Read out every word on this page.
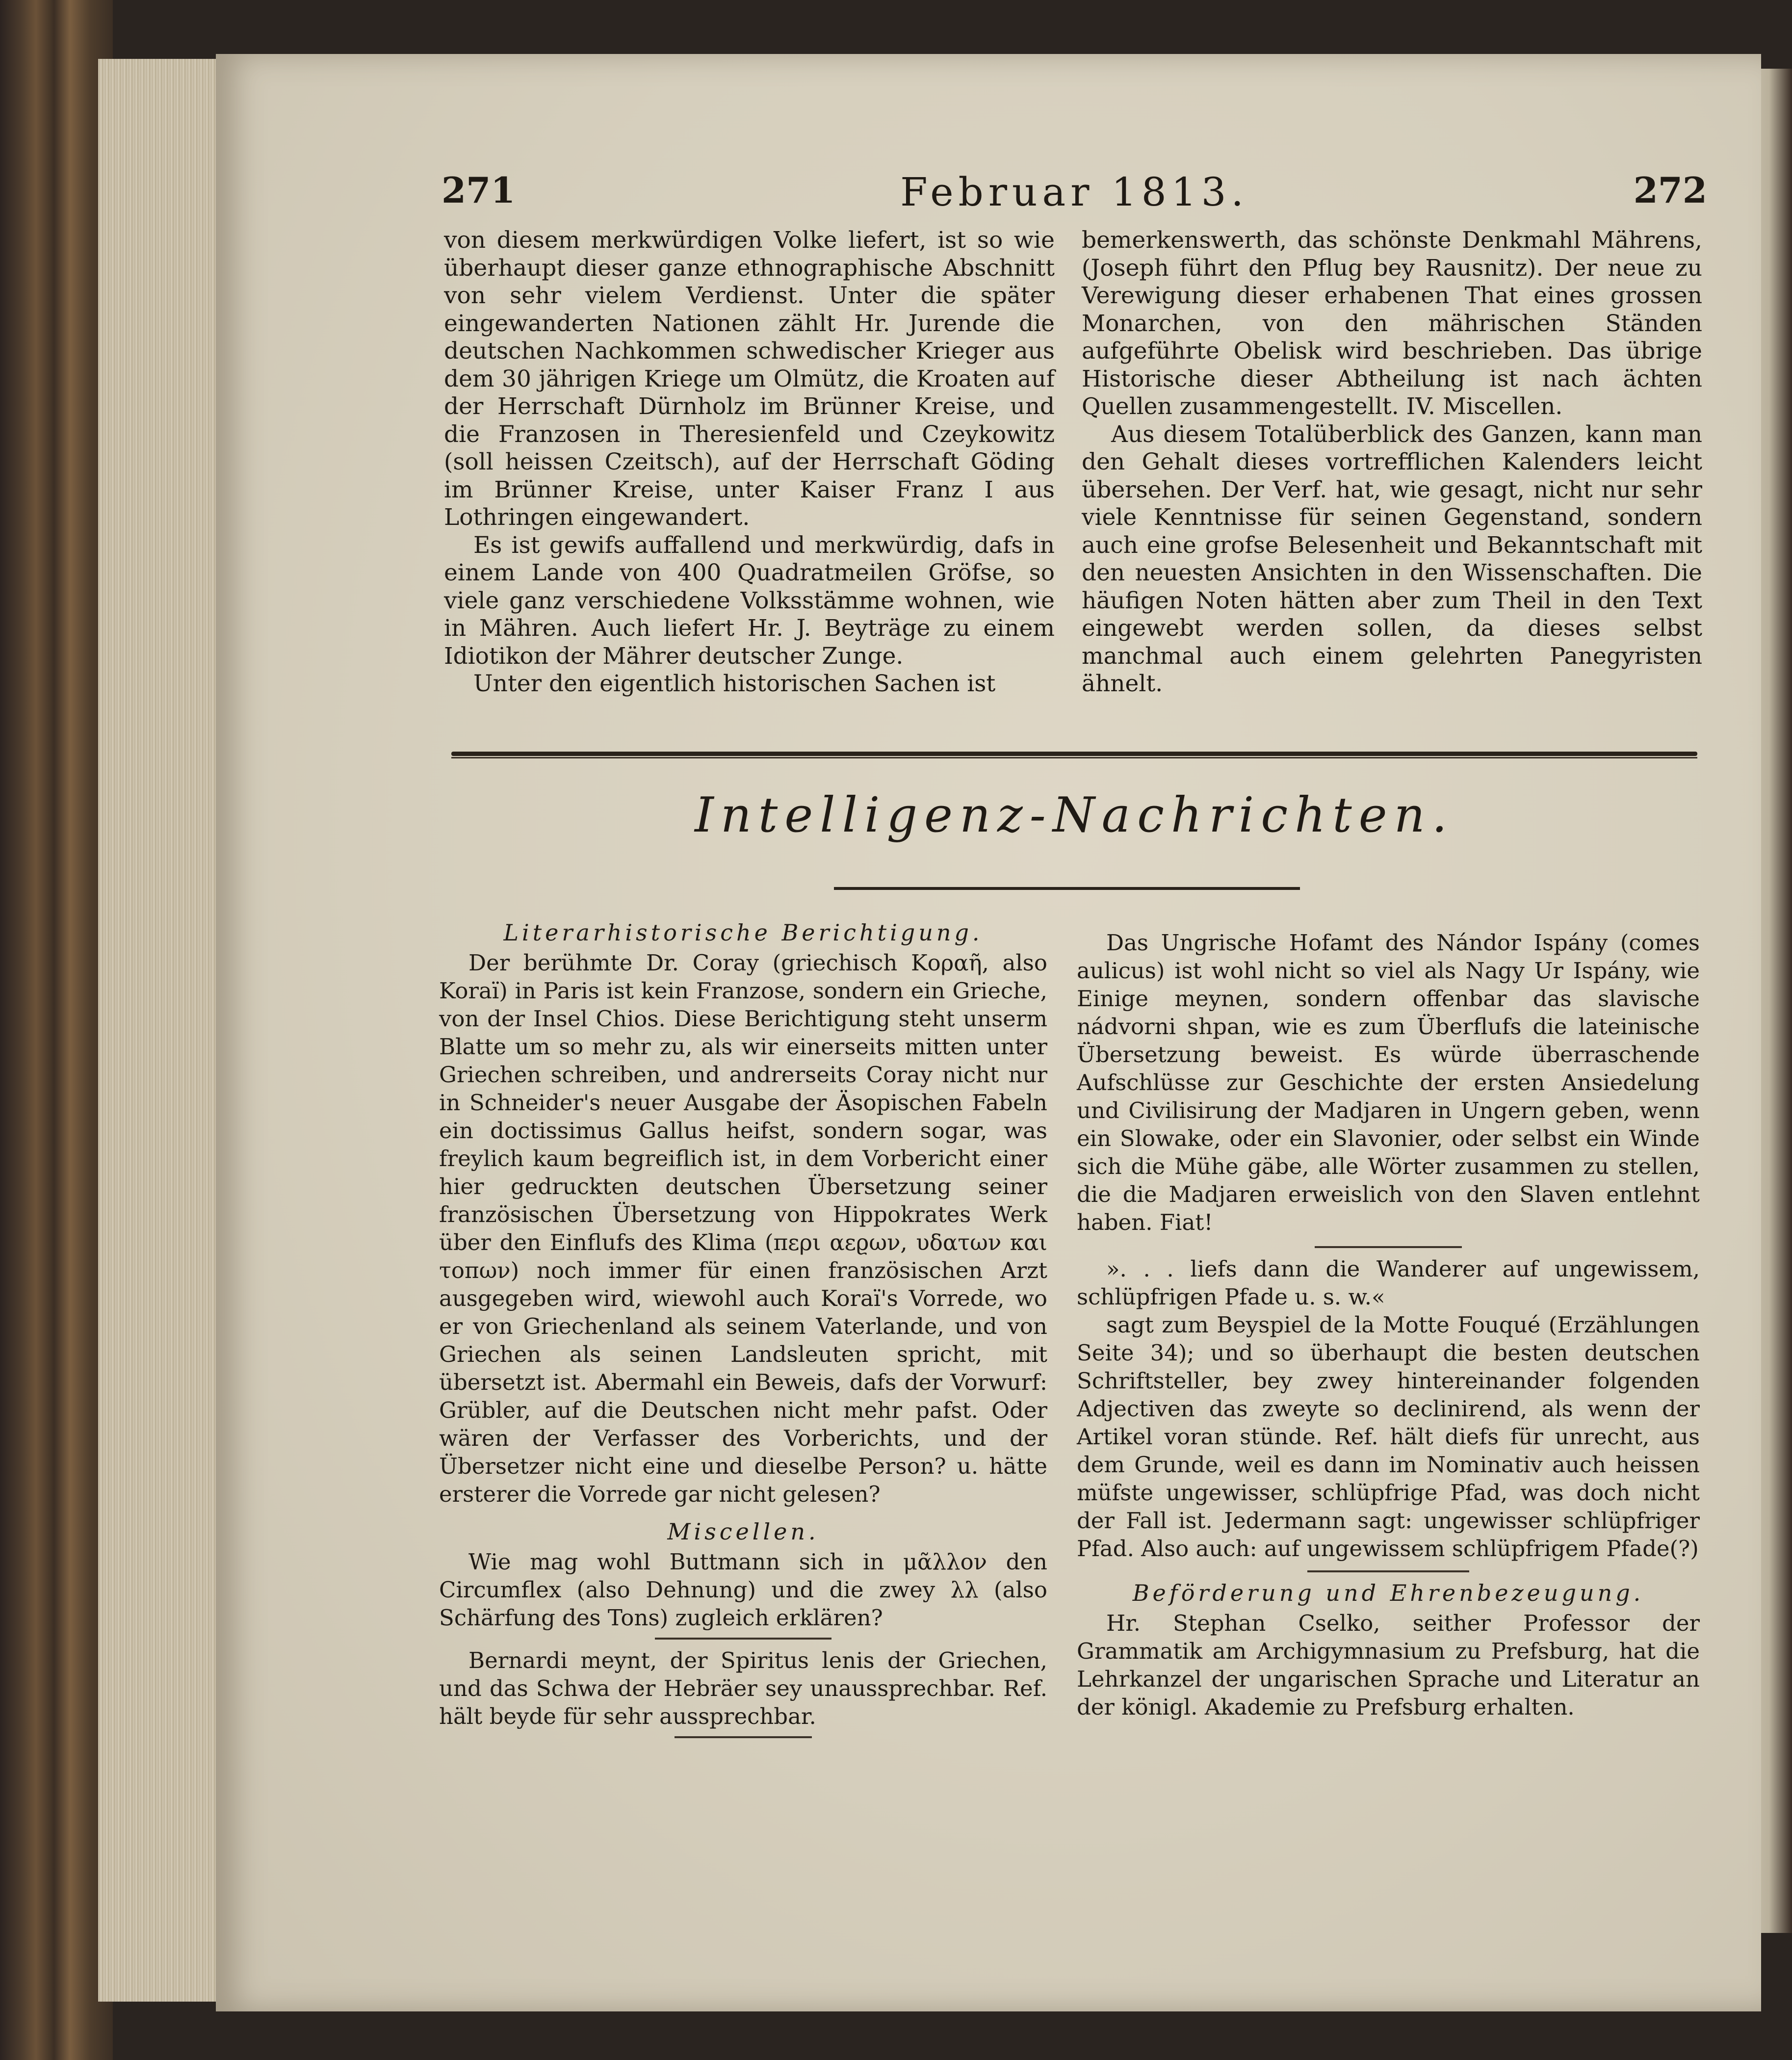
271	Februar 1813.	272

von diesem merkwürdigen Volke liefert, ist so wie überhaupt dieser ganze ethnographische Abschnitt von sehr vielem Verdienst. Unter die später eingewanderten Nationen zählt Hr. Jurende die deutschen Nachkommen schwedischer Krieger aus dem 30 jährigen Kriege um Olmütz, die Kroaten auf der Herrschaft Dürnholz im Brünner Kreise, und die Franzosen in Theresienfeld und Czeykowitz (soll heissen Czeitsch), auf der Herrschaft Göding im Brünner Kreise, unter Kaiser Franz I aus Lothringen eingewandert.

Es ist gewifs auffallend und merkwürdig, dafs in einem Lande von 400 Quadratmeilen Gröfse, so viele ganz verschiedene Volksstämme wohnen, wie in Mähren. Auch liefert Hr. J. Beyträge zu einem Idiotikon der Mährer deutscher Zunge.

Unter den eigentlich historischen Sachen ist

bemerkenswerth, das schönste Denkmahl Mährens, (Joseph führt den Pflug bey Rausnitz). Der neue zu Verewigung dieser erhabenen That eines grossen Monarchen, von den mährischen Ständen aufgeführte Obelisk wird beschrieben. Das übrige Historische dieser Abtheilung ist nach ächten Quellen zusammengestellt. IV. Miscellen.

Aus diesem Totalüberblick des Ganzen, kann man den Gehalt dieses vortrefflichen Kalenders leicht übersehen. Der Verf. hat, wie gesagt, nicht nur sehr viele Kenntnisse für seinen Gegenstand, sondern auch eine grofse Belesenheit und Bekanntschaft mit den neuesten Ansichten in den Wissenschaften. Die häufigen Noten hätten aber zum Theil in den Text eingewebt werden sollen, da dieses selbst manchmal auch einem gelehrten Panegyristen ähnelt.

Intelligenz-Nachrichten.
Literarhistorische Berichtigung.

Der berühmte Dr. Coray (griechisch Κοραῆ, also Koraï) in Paris ist kein Franzose, sondern ein Grieche, von der Insel Chios. Diese Berichtigung steht unserm Blatte um so mehr zu, als wir einerseits mitten unter Griechen schreiben, und andrerseits Coray nicht nur in Schneider's neuer Ausgabe der Äsopischen Fabeln ein doctissimus Gallus heifst, sondern sogar, was freylich kaum begreiflich ist, in dem Vorbericht einer hier gedruckten deutschen Übersetzung seiner französischen Übersetzung von Hippokrates Werk über den Einflufs des Klima (περι αεϱων, υδατων και τοπων) noch immer für einen französischen Arzt ausgegeben wird, wiewohl auch Koraï's Vorrede, wo er von Griechenland als seinem Vaterlande, und von Griechen als seinen Landsleuten spricht, mit übersetzt ist. Abermahl ein Beweis, dafs der Vorwurf: Grübler, auf die Deutschen nicht mehr pafst. Oder wären der Verfasser des Vorberichts, und der Übersetzer nicht eine und dieselbe Person? u. hätte ersterer die Vorrede gar nicht gelesen?

Miscellen.

Wie mag wohl Buttmann sich in μᾶλλον den Circumflex (also Dehnung) und die zwey λλ (also Schärfung des Tons) zugleich erklären?

Bernardi meynt, der Spiritus lenis der Griechen, und das Schwa der Hebräer sey unaussprechbar. Ref. hält beyde für sehr aussprechbar.

Das Ungrische Hofamt des Nándor Ispány (comes aulicus) ist wohl nicht so viel als Nagy Ur Ispány, wie Einige meynen, sondern offenbar das slavische nádvorni shpan, wie es zum Überflufs die lateinische Übersetzung beweist. Es würde überraschende Aufschlüsse zur Geschichte der ersten Ansiedelung und Civilisirung der Madjaren in Ungern geben, wenn ein Slowake, oder ein Slavonier, oder selbst ein Winde sich die Mühe gäbe, alle Wörter zusammen zu stellen, die die Madjaren erweislich von den Slaven entlehnt haben. Fiat!

». . . liefs dann die Wanderer auf ungewissem, schlüpfrigen Pfade u. s. w.«

sagt zum Beyspiel de la Motte Fouqué (Erzählungen Seite 34); und so überhaupt die besten deutschen Schriftsteller, bey zwey hintereinander folgenden Adjectiven das zweyte so declinirend, als wenn der Artikel voran stünde. Ref. hält diefs für unrecht, aus dem Grunde, weil es dann im Nominativ auch heissen müfste ungewisser, schlüpfrige Pfad, was doch nicht der Fall ist. Jedermann sagt: ungewisser schlüpfriger Pfad. Also auch: auf ungewissem schlüpfrigem Pfade(?)

Beförderung und Ehrenbezeugung.

Hr. Stephan Cselko, seither Professor der Grammatik am Archigymnasium zu Prefsburg, hat die Lehrkanzel der ungarischen Sprache und Literatur an der königl. Akademie zu Prefsburg erhalten.
